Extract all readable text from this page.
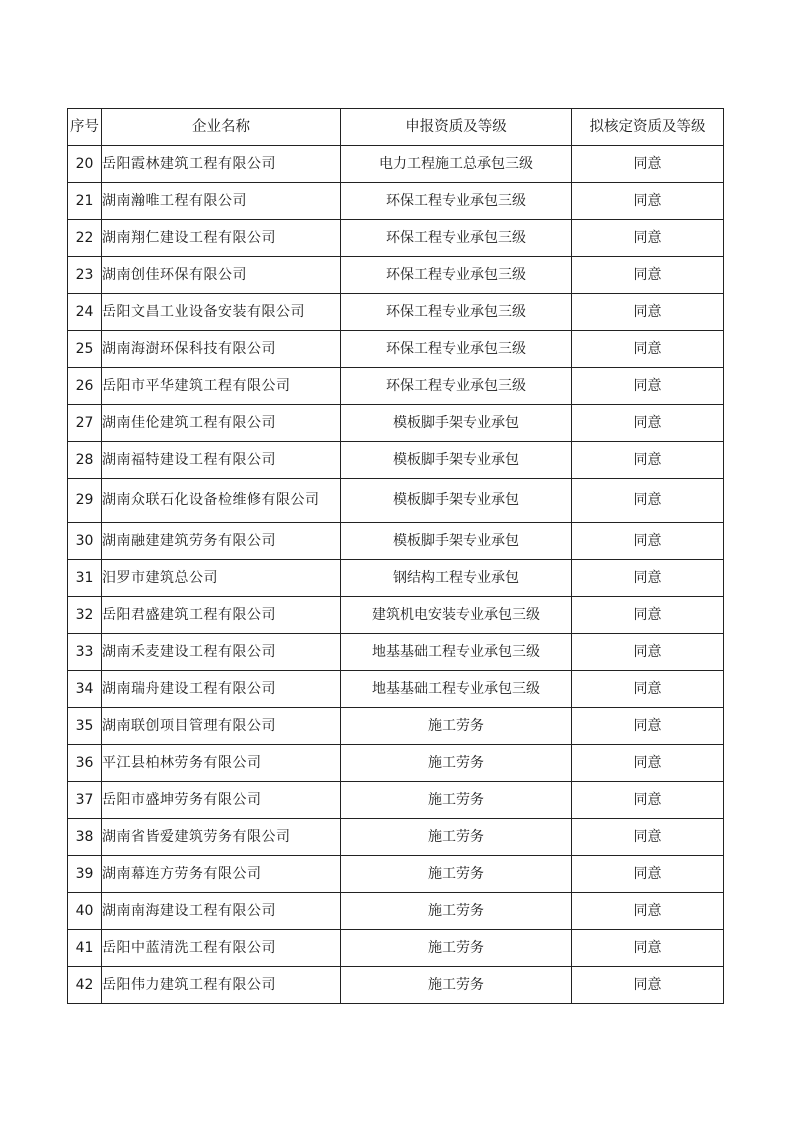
序号	企业名称	申报资质及等级	拟核定资质及等级
20	岳阳霞林建筑工程有限公司	电力工程施工总承包三级	同意
21	湖南瀚唯工程有限公司	环保工程专业承包三级	同意
22	湖南翔仁建设工程有限公司	环保工程专业承包三级	同意
23	湖南创佳环保有限公司	环保工程专业承包三级	同意
24	岳阳文昌工业设备安装有限公司	环保工程专业承包三级	同意
25	湖南海澍环保科技有限公司	环保工程专业承包三级	同意
26	岳阳市平华建筑工程有限公司	环保工程专业承包三级	同意
27	湖南佳伦建筑工程有限公司	模板脚手架专业承包	同意
28	湖南福特建设工程有限公司	模板脚手架专业承包	同意
29	湖南众联石化设备检维修有限公司	模板脚手架专业承包	同意
30	湖南融建建筑劳务有限公司	模板脚手架专业承包	同意
31	汨罗市建筑总公司	钢结构工程专业承包	同意
32	岳阳君盛建筑工程有限公司	建筑机电安装专业承包三级	同意
33	湖南禾麦建设工程有限公司	地基基础工程专业承包三级	同意
34	湖南瑞舟建设工程有限公司	地基基础工程专业承包三级	同意
35	湖南联创项目管理有限公司	施工劳务	同意
36	平江县柏林劳务有限公司	施工劳务	同意
37	岳阳市盛坤劳务有限公司	施工劳务	同意
38	湖南省皆爱建筑劳务有限公司	施工劳务	同意
39	湖南幕连方劳务有限公司	施工劳务	同意
40	湖南南海建设工程有限公司	施工劳务	同意
41	岳阳中蓝清洗工程有限公司	施工劳务	同意
42	岳阳伟力建筑工程有限公司	施工劳务	同意
